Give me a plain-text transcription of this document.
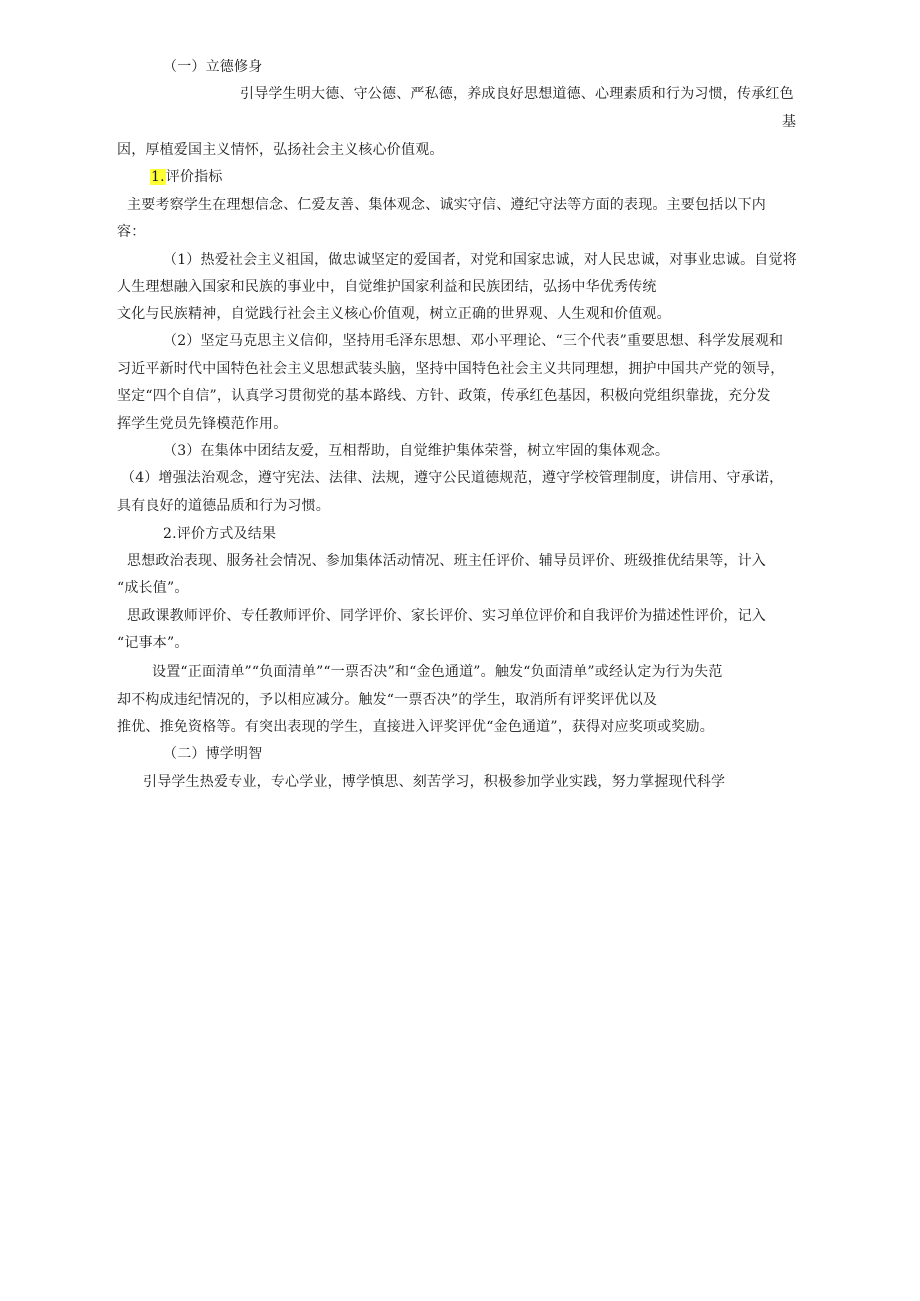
（一）立德修身
引导学生明大德、守公德、严私德，养成良好思想道德、心理素质和行为习惯，传承红色
基
因，厚植爱国主义情怀，弘扬社会主义核心价值观。
1.评价指标
主要考察学生在理想信念、仁爱友善、集体观念、诚实守信、遵纪守法等方面的表现。主要包括以下内
容：
（1）热爱社会主义祖国，做忠诚坚定的爱国者，对党和国家忠诚，对人民忠诚，对事业忠诚。自觉将
人生理想融入国家和民族的事业中，自觉维护国家利益和民族团结，弘扬中华优秀传统
文化与民族精神，自觉践行社会主义核心价值观，树立正确的世界观、人生观和价值观。
（2）坚定马克思主义信仰，坚持用毛泽东思想、邓小平理论、“三个代表”重要思想、科学发展观和
习近平新时代中国特色社会主义思想武装头脑，坚持中国特色社会主义共同理想，拥护中国共产党的领导，
坚定“四个自信”，认真学习贯彻党的基本路线、方针、政策，传承红色基因，积极向党组织靠拢，充分发
挥学生党员先锋模范作用。
（3）在集体中团结友爱，互相帮助，自觉维护集体荣誉，树立牢固的集体观念。
（4）增强法治观念，遵守宪法、法律、法规，遵守公民道德规范，遵守学校管理制度，讲信用、守承诺，
具有良好的道德品质和行为习惯。
2.评价方式及结果
思想政治表现、服务社会情况、参加集体活动情况、班主任评价、辅导员评价、班级推优结果等，计入
“成长值”。
思政课教师评价、专任教师评价、同学评价、家长评价、实习单位评价和自我评价为描述性评价，记入
“记事本”。
设置“正面清单”“负面清单”“一票否决”和“金色通道”。触发“负面清单”或经认定为行为失范
却不构成违纪情况的，予以相应减分。触发“一票否决”的学生，取消所有评奖评优以及
推优、推免资格等。有突出表现的学生，直接进入评奖评优“金色通道”，获得对应奖项或奖励。
（二）博学明智
引导学生热爱专业，专心学业，博学慎思、刻苦学习，积极参加学业实践，努力掌握现代科学
